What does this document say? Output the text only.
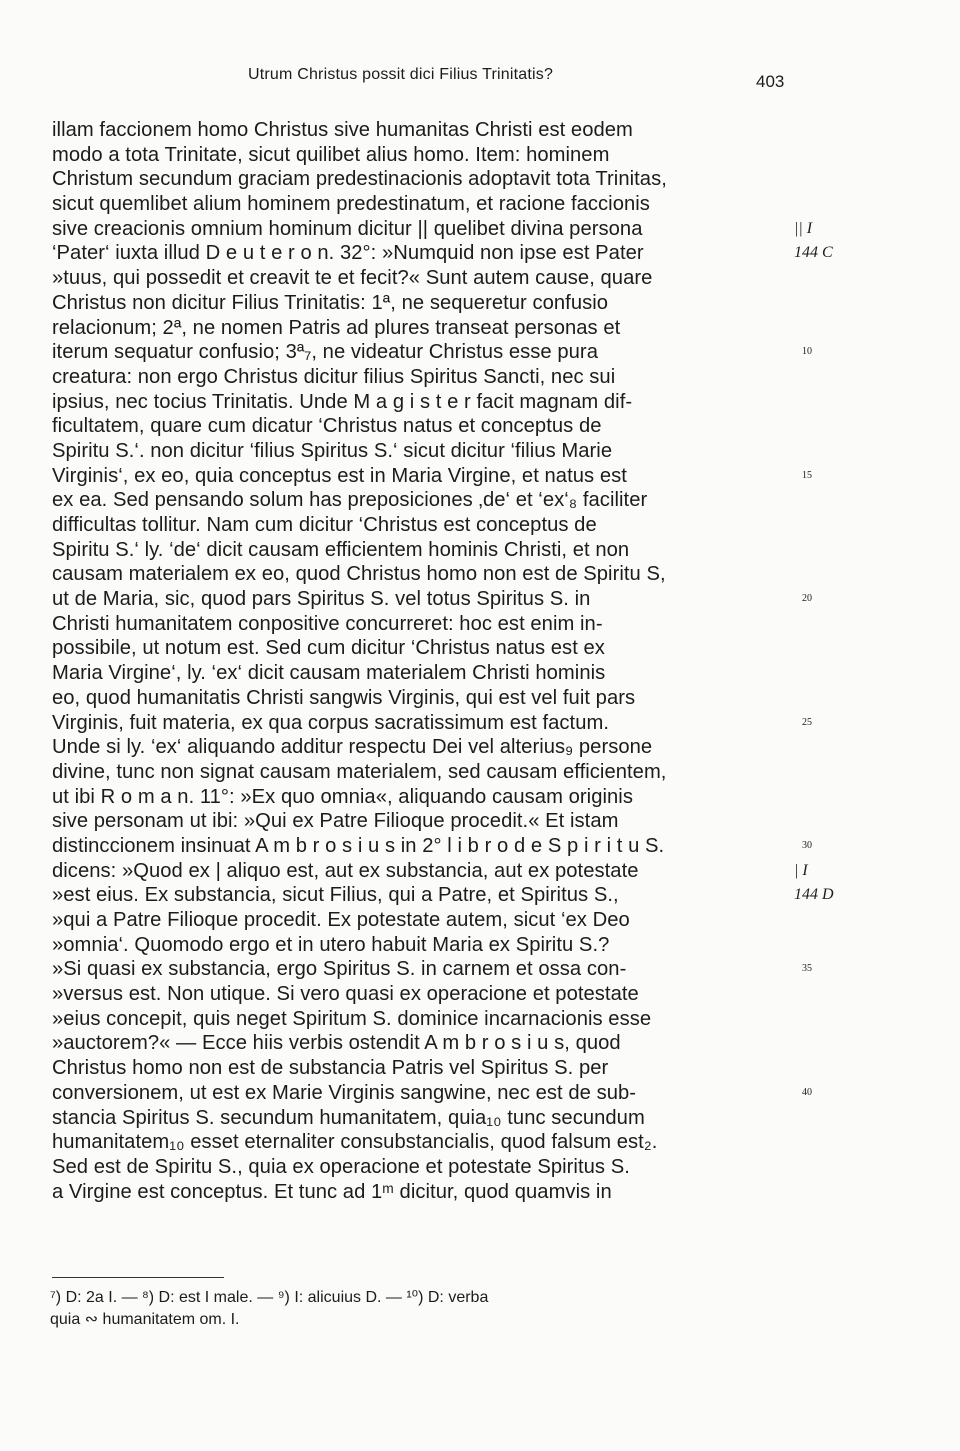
Utrum Christus possit dici Filius Trinitatis?	403
illam faccionem homo Christus sive humanitas Christi est eodem
modo a tota Trinitate, sicut quilibet alius homo. Item: hominem
Christum secundum graciam predestinacionis adoptavit tota Trinitas,
sicut quemlibet alium hominem predestinatum, et racione faccionis
sive creacionis omnium hominum dicitur || quelibet divina persona
‘Pater‘ iuxta illud D e u t e r o n. 32°: »Numquid non ipse est Pater
»tuus, qui possedit et creavit te et fecit?« Sunt autem cause, quare
Christus non dicitur Filius Trinitatis: 1ª, ne sequeretur confusio
relacionum; 2ª, ne nomen Patris ad plures transeat personas et
iterum sequatur confusio; 3ª₇, ne videatur Christus esse pura
creatura: non ergo Christus dicitur filius Spiritus Sancti, nec sui
ipsius, nec tocius Trinitatis. Unde M a g i s t e r facit magnam dif-
ficultatem, quare cum dicatur ‘Christus natus et conceptus de
Spiritu S.‘. non dicitur ‘filius Spiritus S.‘ sicut dicitur ‘filius Marie
Virginis‘, ex eo, quia conceptus est in Maria Virgine, et natus est
ex ea. Sed pensando solum has preposiciones ‚de‘ et ‘ex‘₈ faciliter
difficultas tollitur. Nam cum dicitur ‘Christus est conceptus de
Spiritu S.‘ ly. ‘de‘ dicit causam efficientem hominis Christi, et non
causam materialem ex eo, quod Christus homo non est de Spiritu S,
ut de Maria, sic, quod pars Spiritus S. vel totus Spiritus S. in
Christi humanitatem conpositive concurreret: hoc est enim in-
possibile, ut notum est. Sed cum dicitur ‘Christus natus est ex
Maria Virgine‘, ly. ‘ex‘ dicit causam materialem Christi hominis
eo, quod humanitatis Christi sangwis Virginis, qui est vel fuit pars
Virginis, fuit materia, ex qua corpus sacratissimum est factum.
Unde si ly. ‘ex‘ aliquando additur respectu Dei vel alterius₉ persone
divine, tunc non signat causam materialem, sed causam efficientem,
ut ibi R o m a n. 11°: »Ex quo omnia«, aliquando causam originis
sive personam ut ibi: »Qui ex Patre Filioque procedit.« Et istam
distinccionem insinuat A m b r o s i u s in 2° l i b r o d e S p i r i t u S.
dicens: »Quod ex | aliquo est, aut ex substancia, aut ex potestate
»est eius. Ex substancia, sicut Filius, qui a Patre, et Spiritus S.,
»qui a Patre Filioque procedit. Ex potestate autem, sicut ‘ex Deo
»omnia‘. Quomodo ergo et in utero habuit Maria ex Spiritu S.?
»Si quasi ex substancia, ergo Spiritus S. in carnem et ossa con-
»versus est. Non utique. Si vero quasi ex operacione et potestate
»eius concepit, quis neget Spiritum S. dominice incarnacionis esse
»auctorem?« — Ecce hiis verbis ostendit A m b r o s i u s, quod
Christus homo non est de substancia Patris vel Spiritus S. per
conversionem, ut est ex Marie Virginis sangwine, nec est de sub-
stancia Spiritus S. secundum humanitatem, quia₁₀ tunc secundum
humanitatem₁₀ esset eternaliter consubstancialis, quod falsum est₂.
Sed est de Spiritu S., quia ex operacione et potestate Spiritus S.
a Virgine est conceptus. Et tunc ad 1ᵐ dicitur, quod quamvis in
|| I
144 C
10
15
20
25
30
| I
144 D
35
40
⁷) D: 2a I. — ⁸) D: est I male. — ⁹) I: alicuius D. — ¹⁰) D: verba
quia ∾ humanitatem om. I.
